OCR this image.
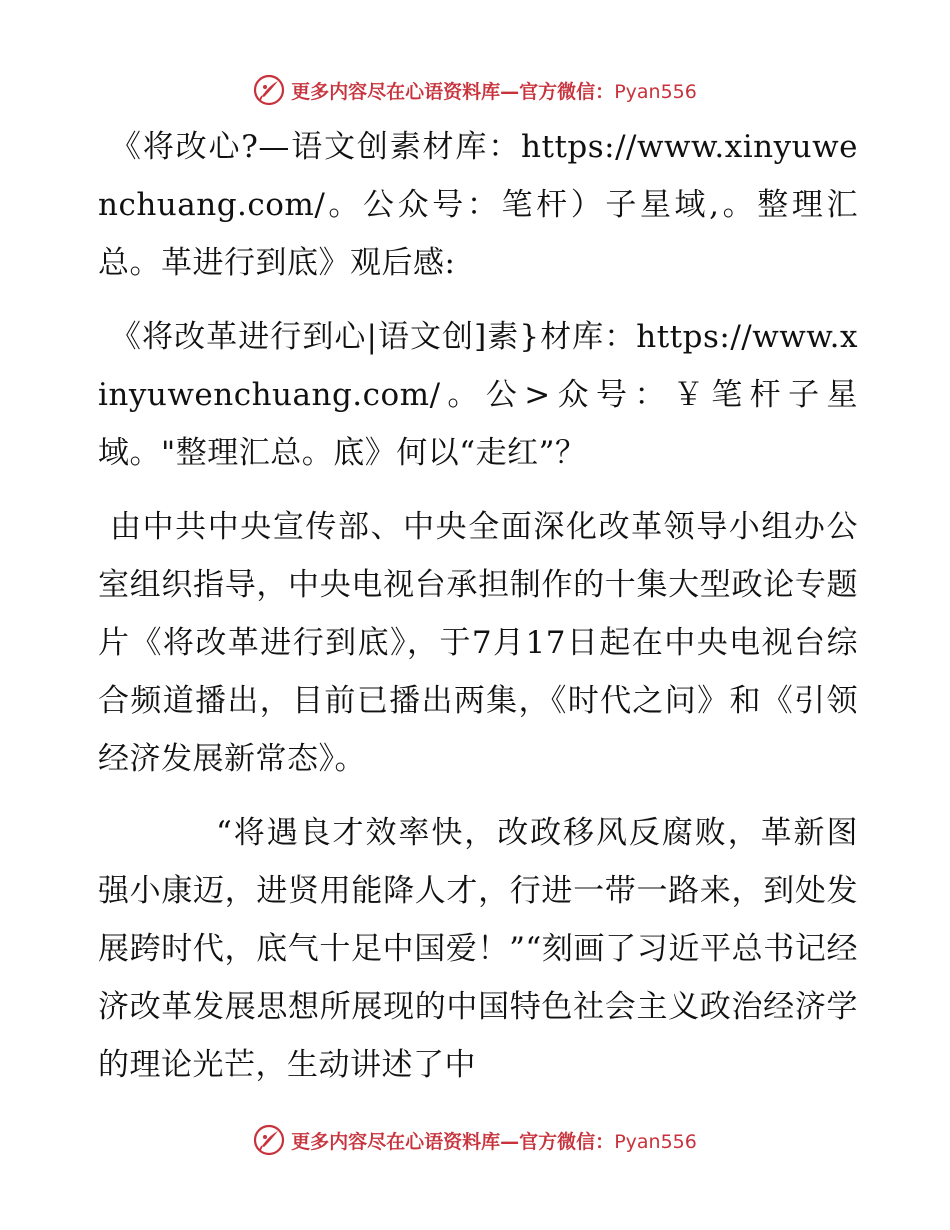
更多内容尽在心语资料库—官方微信：Pyan556

《将改心?—语文创素材库：https://www.xinyuwenchuang.com/。公众号：笔杆）子星域,。整理汇总。革进行到底》观后感:

《将改革进行到心|语文创]素}材库：https://www.xinyuwenchuang.com/。公>众号：￥笔杆子星域。"整理汇总。底》何以“走红”？

由中共中央宣传部、中央全面深化改革领导小组办公室组织指导，中央电视台承担制作的十集大型政论专题片《将改革进行到底》，于7月17日起在中央电视台综合频道播出，目前已播出两集，《时代之问》和《引领经济发展新常态》。

“将遇良才效率快，改政移风反腐败，革新图强小康迈，进贤用能降人才，行进一带一路来，到处发展跨时代，底气十足中国爱！”“刻画了习近平总书记经济改革发展思想所展现的中国特色社会主义政治经济学的理论光芒，生动讲述了中

更多内容尽在心语资料库—官方微信：Pyan556
